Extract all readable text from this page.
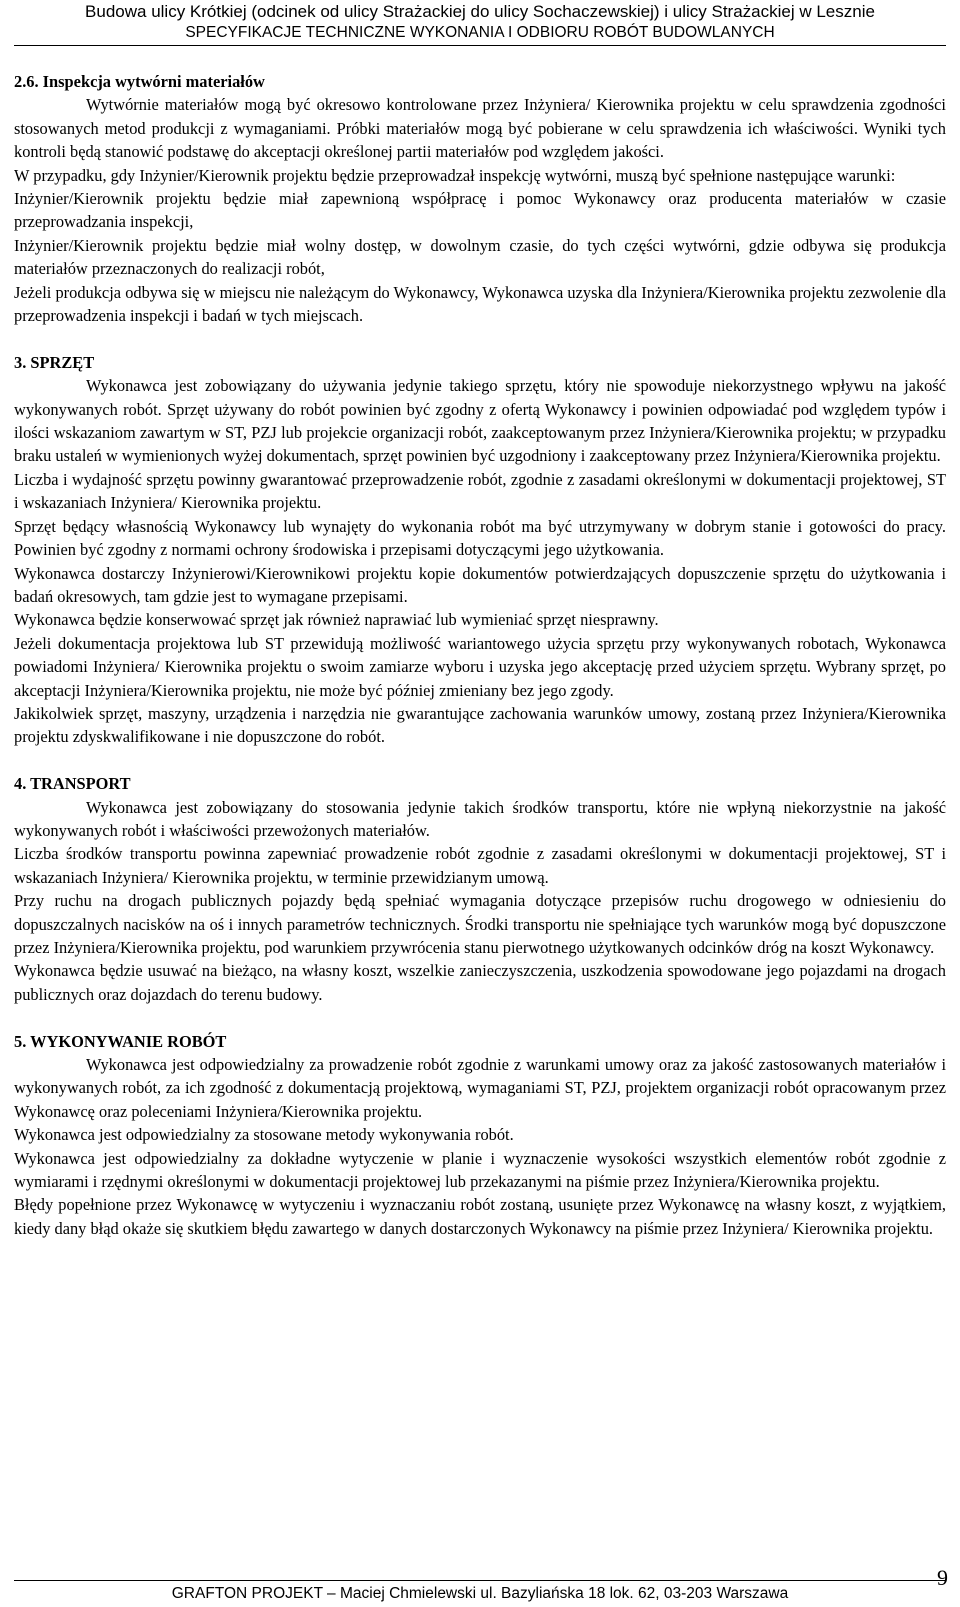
Budowa ulicy Krótkiej (odcinek od ulicy Strażackiej do ulicy Sochaczewskiej) i ulicy Strażackiej w Lesznie
SPECYFIKACJE TECHNICZNE WYKONANIA I ODBIORU ROBÓT BUDOWLANYCH

2.6. Inspekcja wytwórni materiałów

Wytwórnie materiałów mogą być okresowo kontrolowane przez Inżyniera/ Kierownika projektu w celu sprawdzenia zgodności stosowanych metod produkcji z wymaganiami. Próbki materiałów mogą być pobierane w celu sprawdzenia ich właściwości. Wyniki tych kontroli będą stanowić podstawę do akceptacji określonej partii materiałów pod względem jakości.

W przypadku, gdy Inżynier/Kierownik projektu będzie przeprowadzał inspekcję wytwórni, muszą być spełnione następujące warunki:

Inżynier/Kierownik projektu będzie miał zapewnioną współpracę i pomoc Wykonawcy oraz producenta materiałów w czasie przeprowadzania inspekcji,

Inżynier/Kierownik projektu będzie miał wolny dostęp, w dowolnym czasie, do tych części wytwórni, gdzie odbywa się produkcja materiałów przeznaczonych do realizacji robót,

Jeżeli produkcja odbywa się w miejscu nie należącym do Wykonawcy, Wykonawca uzyska dla Inżyniera/Kierownika projektu zezwolenie dla przeprowadzenia inspekcji i badań w tych miejscach.

3. SPRZĘT

Wykonawca jest zobowiązany do używania jedynie takiego sprzętu, który nie spowoduje niekorzystnego wpływu na jakość wykonywanych robót. Sprzęt używany do robót powinien być zgodny z ofertą Wykonawcy i powinien odpowiadać pod względem typów i ilości wskazaniom zawartym w ST, PZJ lub projekcie organizacji robót, zaakceptowanym przez Inżyniera/Kierownika projektu; w przypadku braku ustaleń w wymienionych wyżej dokumentach, sprzęt powinien być uzgodniony i zaakceptowany przez Inżyniera/Kierownika projektu.

Liczba i wydajność sprzętu powinny gwarantować przeprowadzenie robót, zgodnie z zasadami określonymi w dokumentacji projektowej, ST i wskazaniach Inżyniera/ Kierownika projektu.

Sprzęt będący własnością Wykonawcy lub wynajęty do wykonania robót ma być utrzymywany w dobrym stanie i gotowości do pracy. Powinien być zgodny z normami ochrony środowiska i przepisami dotyczącymi jego użytkowania.

Wykonawca dostarczy Inżynierowi/Kierownikowi projektu kopie dokumentów potwierdzających dopuszczenie sprzętu do użytkowania i badań okresowych, tam gdzie jest to wymagane przepisami.

Wykonawca będzie konserwować sprzęt jak również naprawiać lub wymieniać sprzęt niesprawny.

Jeżeli dokumentacja projektowa lub ST przewidują możliwość wariantowego użycia sprzętu przy wykonywanych robotach, Wykonawca powiadomi Inżyniera/ Kierownika projektu o swoim zamiarze wyboru i uzyska jego akceptację przed użyciem sprzętu. Wybrany sprzęt, po akceptacji Inżyniera/Kierownika projektu, nie może być później zmieniany bez jego zgody.

Jakikolwiek sprzęt, maszyny, urządzenia i narzędzia nie gwarantujące zachowania warunków umowy, zostaną przez Inżyniera/Kierownika projektu zdyskwalifikowane i nie dopuszczone do robót.

4. TRANSPORT

Wykonawca jest zobowiązany do stosowania jedynie takich środków transportu, które nie wpłyną niekorzystnie na jakość wykonywanych robót i właściwości przewożonych materiałów.

Liczba środków transportu powinna zapewniać prowadzenie robót zgodnie z zasadami określonymi w dokumentacji projektowej, ST i wskazaniach Inżyniera/ Kierownika projektu, w terminie przewidzianym umową.

Przy ruchu na drogach publicznych pojazdy będą spełniać wymagania dotyczące przepisów ruchu drogowego w odniesieniu do dopuszczalnych nacisków na oś i innych parametrów technicznych. Środki transportu nie spełniające tych warunków mogą być dopuszczone przez Inżyniera/Kierownika projektu, pod warunkiem przywrócenia stanu pierwotnego użytkowanych odcinków dróg na koszt Wykonawcy.

Wykonawca będzie usuwać na bieżąco, na własny koszt, wszelkie zanieczyszczenia, uszkodzenia spowodowane jego pojazdami na drogach publicznych oraz dojazdach do terenu budowy.

5. WYKONYWANIE ROBÓT

Wykonawca jest odpowiedzialny za prowadzenie robót zgodnie z warunkami umowy oraz za jakość zastosowanych materiałów i wykonywanych robót, za ich zgodność z dokumentacją projektową, wymaganiami ST, PZJ, projektem organizacji robót opracowanym przez Wykonawcę oraz poleceniami Inżyniera/Kierownika projektu.

Wykonawca jest odpowiedzialny za stosowane metody wykonywania robót.

Wykonawca jest odpowiedzialny za dokładne wytyczenie w planie i wyznaczenie wysokości wszystkich elementów robót zgodnie z wymiarami i rzędnymi określonymi w dokumentacji projektowej lub przekazanymi na piśmie przez Inżyniera/Kierownika projektu.

Błędy popełnione przez Wykonawcę w wytyczeniu i wyznaczaniu robót zostaną, usunięte przez Wykonawcę na własny koszt, z wyjątkiem, kiedy dany błąd okaże się skutkiem błędu zawartego w danych dostarczonych Wykonawcy na piśmie przez Inżyniera/ Kierownika projektu.

9
GRAFTON PROJEKT – Maciej Chmielewski ul. Bazyliańska 18 lok. 62, 03-203 Warszawa
